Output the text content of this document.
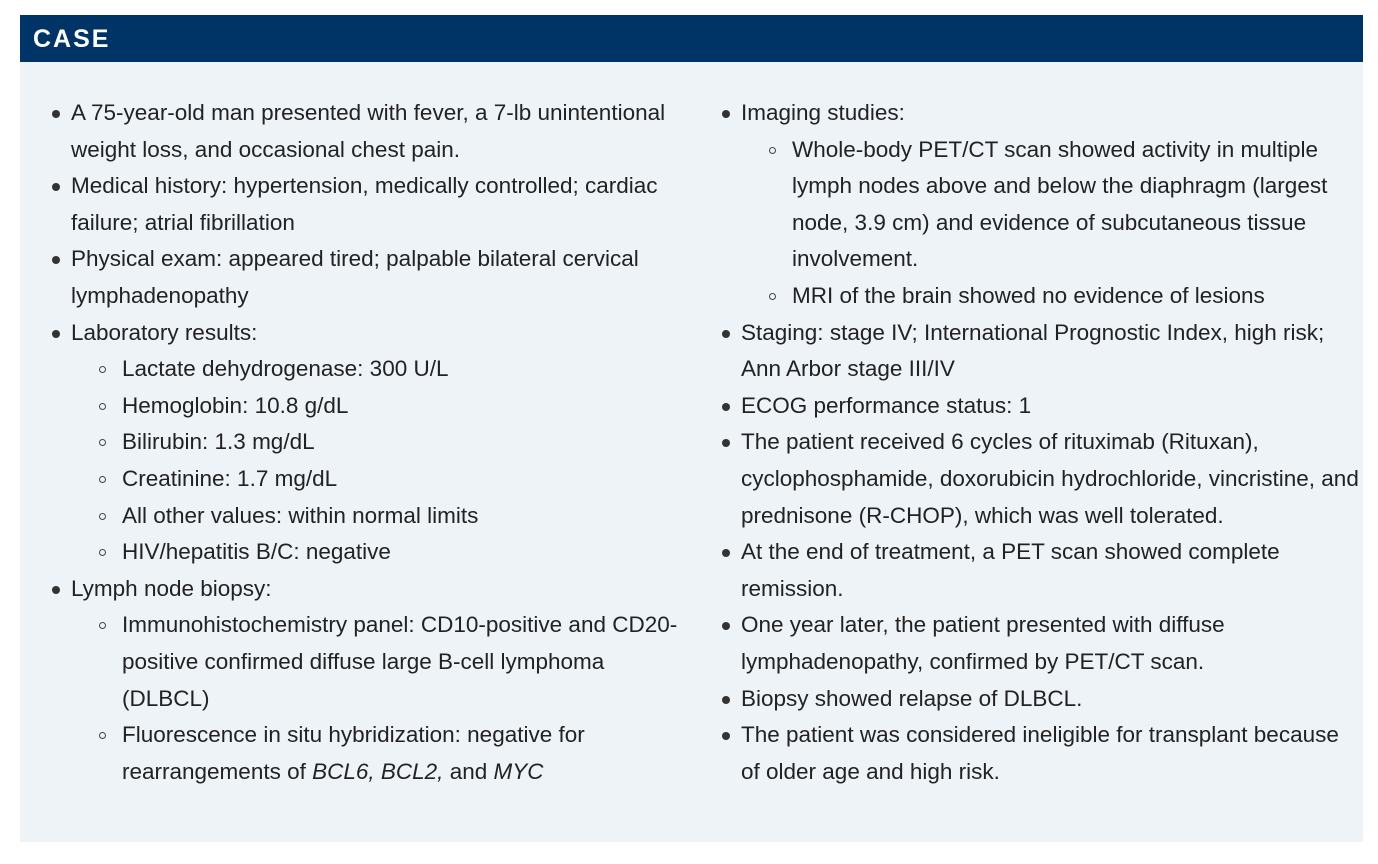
CASE
A 75-year-old man presented with fever, a 7-lb unintentional weight loss, and occasional chest pain.
Medical history: hypertension, medically controlled; cardiac failure; atrial fibrillation
Physical exam: appeared tired; palpable bilateral cervical lymphadenopathy
Laboratory results:
Lactate dehydrogenase: 300 U/L
Hemoglobin: 10.8 g/dL
Bilirubin: 1.3 mg/dL
Creatinine: 1.7 mg/dL
All other values: within normal limits
HIV/hepatitis B/C: negative
Lymph node biopsy:
Immunohistochemistry panel: CD10-positive and CD20-positive confirmed diffuse large B-cell lymphoma (DLBCL)
Fluorescence in situ hybridization: negative for rearrangements of BCL6, BCL2, and MYC
Imaging studies:
Whole-body PET/CT scan showed activity in multiple lymph nodes above and below the diaphragm (largest node, 3.9 cm) and evidence of subcutaneous tissue involvement.
MRI of the brain showed no evidence of lesions
Staging: stage IV; International Prognostic Index, high risk; Ann Arbor stage III/IV
ECOG performance status: 1
The patient received 6 cycles of rituximab (Rituxan), cyclophosphamide, doxorubicin hydrochloride, vincristine, and prednisone (R-CHOP), which was well tolerated.
At the end of treatment, a PET scan showed complete remission.
One year later, the patient presented with diffuse lymphadenopathy, confirmed by PET/CT scan.
Biopsy showed relapse of DLBCL.
The patient was considered ineligible for transplant because of older age and high risk.
